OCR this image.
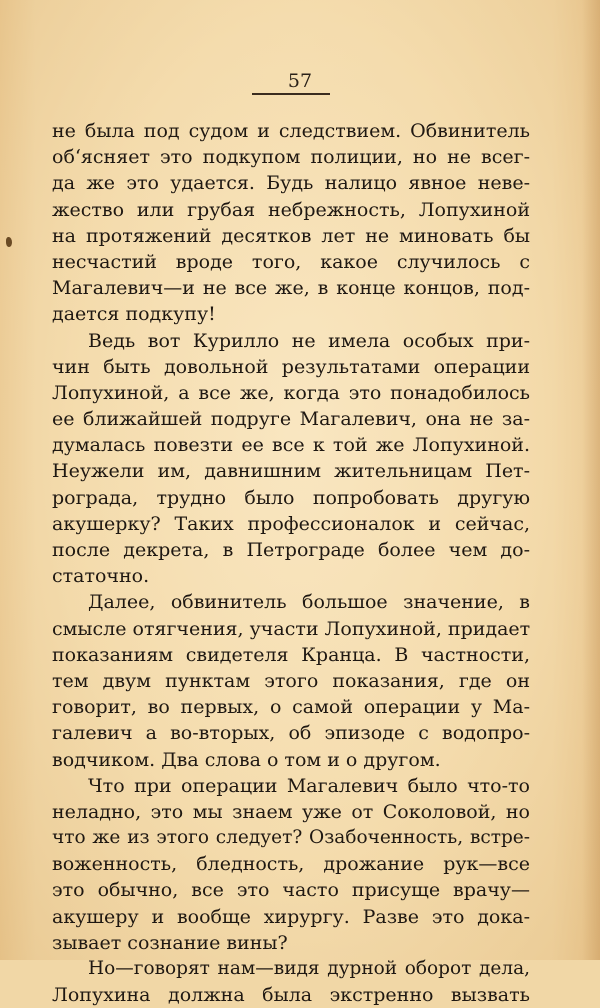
57
не была под судом и следствием. Обвинитель
об‘ясняет это подкупом полиции, но не всег-
да же это удается. Будь налицо явное неве-
жество или грубая небрежность, Лопухиной
на протяжений десятков лет не миновать бы
несчастий вроде того, какое случилось с
Магалевич—и не все же, в конце концов, под-
дается подкупу!
Ведь вот Курилло не имела особых при-
чин быть довольной результатами операции
Лопухиной, а все же, когда это понадобилось
ее ближайшей подруге Магалевич, она не за-
думалась повезти ее все к той же Лопухиной.
Неужели им, давнишним жительницам Пет-
рограда, трудно было попробовать другую
акушерку? Таких профессионалок и сейчас,
после декрета, в Петрограде более чем до-
статочно.
Далее, обвинитель большое значение, в
смысле отягчения, участи Лопухиной, придает
показаниям свидетеля Кранца. В частности,
тем двум пунктам этого показания, где он
говорит, во первых, о самой операции у Ма-
галевич а во-вторых, об эпизоде с водопро-
водчиком. Два слова о том и о другом.
Что при операции Магалевич было что-то
неладно, это мы знаем уже от Соколовой, но
что же из этого следует? Озабоченность, встре-
воженность, бледность, дрожание рук—все
это обычно, все это часто присуще врачу—
акушеру и вообще хирургу. Разве это дока-
зывает сознание вины?
Но—говорят нам—видя дурной оборот дела,
Лопухина должна была экстренно вызвать
